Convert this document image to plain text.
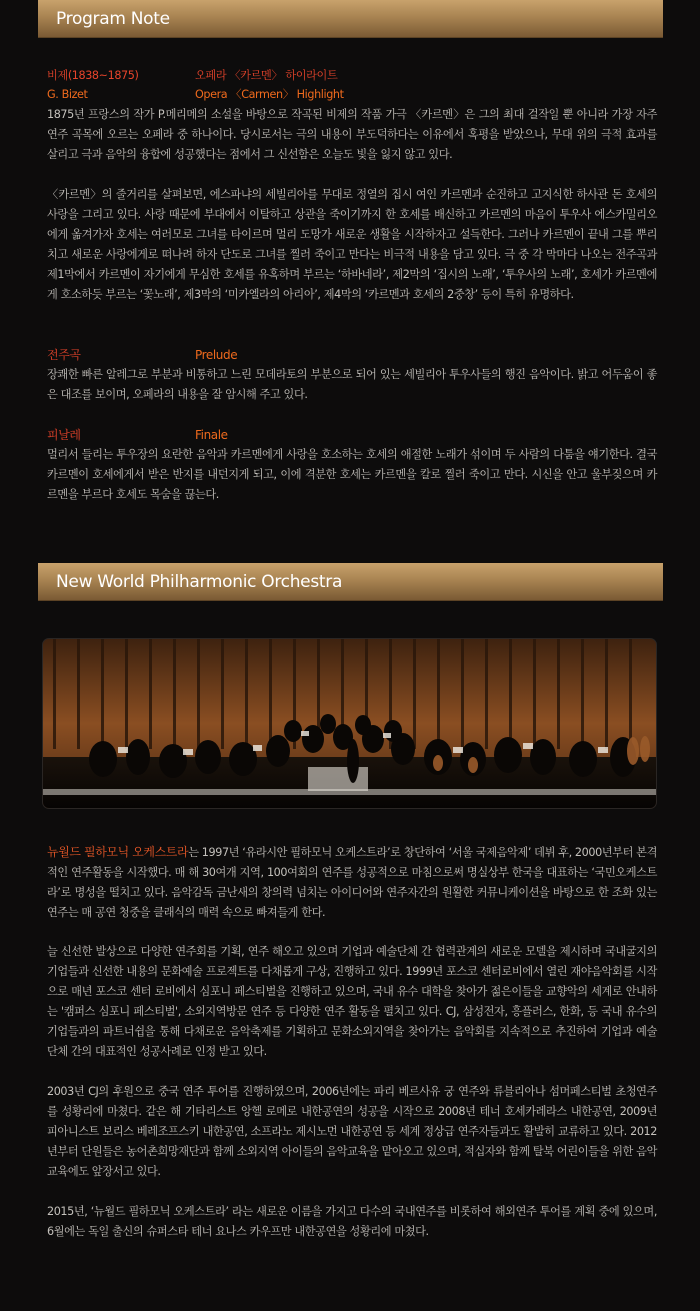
Program Note
비제(1838~1875)	오페라 〈카르멘〉 하이라이트
G. Bizet	Opera 〈Carmen〉 Highlight

1875년 프랑스의 작가 P.메리메의 소설을 바탕으로 작곡된 비제의 작품 가극 〈카르멘〉은 그의 최대 걸작일 뿐 아니라 가장 자주 연주 곡목에 오르는 오페라 중 하나이다. 당시로서는 극의 내용이 부도덕하다는 이유에서 혹평을 받았으나, 무대 위의 극적 효과를 살리고 극과 음악의 융합에 성공했다는 점에서 그 신선함은 오늘도 빛을 잃지 않고 있다.

〈카르멘〉의 줄거리를 살펴보면, 에스파냐의 세빌리아를 무대로 정열의 집시 여인 카르멘과 순진하고 고지식한 하사관 돈 호세의 사랑을 그리고 있다. 사랑 때문에 부대에서 이탈하고 상관을 죽이기까지 한 호세를 배신하고 카르멘의 마음이 투우사 에스카밀리오에게 옮겨가자 호세는 여러모로 그녀를 타이르며 멀리 도망가 새로운 생활을 시작하자고 설득한다. 그러나 카르멘이 끝내 그를 뿌리치고 새로운 사랑에게로 떠나려 하자 단도로 그녀를 찔러 죽이고 만다는 비극적 내용을 담고 있다. 극 중 각 막마다 나오는 전주곡과 제1막에서 카르멘이 자기에게 무심한 호세를 유혹하며 부르는 ‘하바네라’, 제2막의 ‘집시의 노래’, ‘투우사의 노래’, 호세가 카르멘에게 호소하듯 부르는 ‘꽃노래’, 제3막의 ‘미카엘라의 아리아’, 제4막의 ‘카르멘과 호세의 2중창’ 등이 특히 유명하다.
전주곡	Prelude

장쾌한 빠른 알레그로 부분과 비통하고 느린 모데라토의 부분으로 되어 있는 세빌리아 투우사들의 행진 음악이다. 밝고 어두움이 좋은 대조를 보이며, 오페라의 내용을 잘 암시해 주고 있다.

피날레	Finale

멀리서 들리는 투우장의 요란한 음악과 카르멘에게 사랑을 호소하는 호세의 애절한 노래가 섞이며 두 사람의 다툼을 얘기한다. 결국 카르멘이 호세에게서 받은 반지를 내던지게 되고, 이에 격분한 호세는 카르멘을 칼로 찔러 죽이고 만다. 시신을 안고 울부짖으며 카르멘을 부르다 호세도 목숨을 끊는다.

New World Philharmonic Orchestra

뉴월드 필하모닉 오케스트라는 1997년 ‘유라시안 필하모닉 오케스트라’로 창단하여 ‘서울 국제음악제’ 데뷔 후, 2000년부터 본격적인 연주활동을 시작했다. 매 해 30여개 지역, 100여회의 연주를 성공적으로 마침으로써 명실상부 한국을 대표하는 ‘국민오케스트라’로 명성을 떨치고 있다. 음악감독 금난새의 창의력 넘치는 아이디어와 연주자간의 원활한 커뮤니케이션을 바탕으로 한 조화 있는 연주는 매 공연 청중을 클래식의 매력 속으로 빠져들게 한다.

늘 신선한 발상으로 다양한 연주회를 기획, 연주 해오고 있으며 기업과 예술단체 간 협력관계의 새로운 모델을 제시하며 국내굴지의 기업들과 신선한 내용의 문화예술 프로젝트를 다채롭게 구상, 진행하고 있다. 1999년 포스코 센터로비에서 열린 재야음악회를 시작으로 매년 포스코 센터 로비에서 심포니 페스티벌을 진행하고 있으며, 국내 유수 대학을 찾아가 젊은이들을 교향악의 세계로 안내하는 '캠퍼스 심포니 페스티벌', 소외지역방문 연주 등 다양한 연주 활동을 펼치고 있다. CJ, 삼성전자, 흥플러스, 한화, 등 국내 유수의 기업들과의 파트너쉽을 통해 다채로운 음악축제를 기획하고 문화소외지역을 찾아가는 음악회를 지속적으로 추진하여 기업과 예술단체 간의 대표적인 성공사례로 인정 받고 있다.
2003년 CJ의 후원으로 중국 연주 투어를 진행하였으며, 2006년에는 파리 베르사유 궁 연주와 류블리아나 섬머페스티벌 초청연주를 성황리에 마쳤다. 같은 해 기타리스트 앙헬 로메로 내한공연의 성공을 시작으로 2008년 테너 호세카레라스 내한공연, 2009년 피아니스트 보리스 베레조프스키 내한공연, 소프라노 제시노먼 내한공연 등 세계 정상급 연주자들과도 활발히 교류하고 있다. 2012년부터 단원들은 농어촌희망재단과 함께 소외지역 아이들의 음악교육을 맡아오고 있으며, 적십자와 함께 탈북 어린이들을 위한 음악교육에도 앞장서고 있다.
2015년, ‘뉴월드 필하모닉 오케스트라’ 라는 새로운 이름을 가지고 다수의 국내연주를 비롯하여 해외연주 투어를 계획 중에 있으며, 6월에는 독일 출신의 슈퍼스타 테너 요나스 카우프만 내한공연을 성황리에 마쳤다.
